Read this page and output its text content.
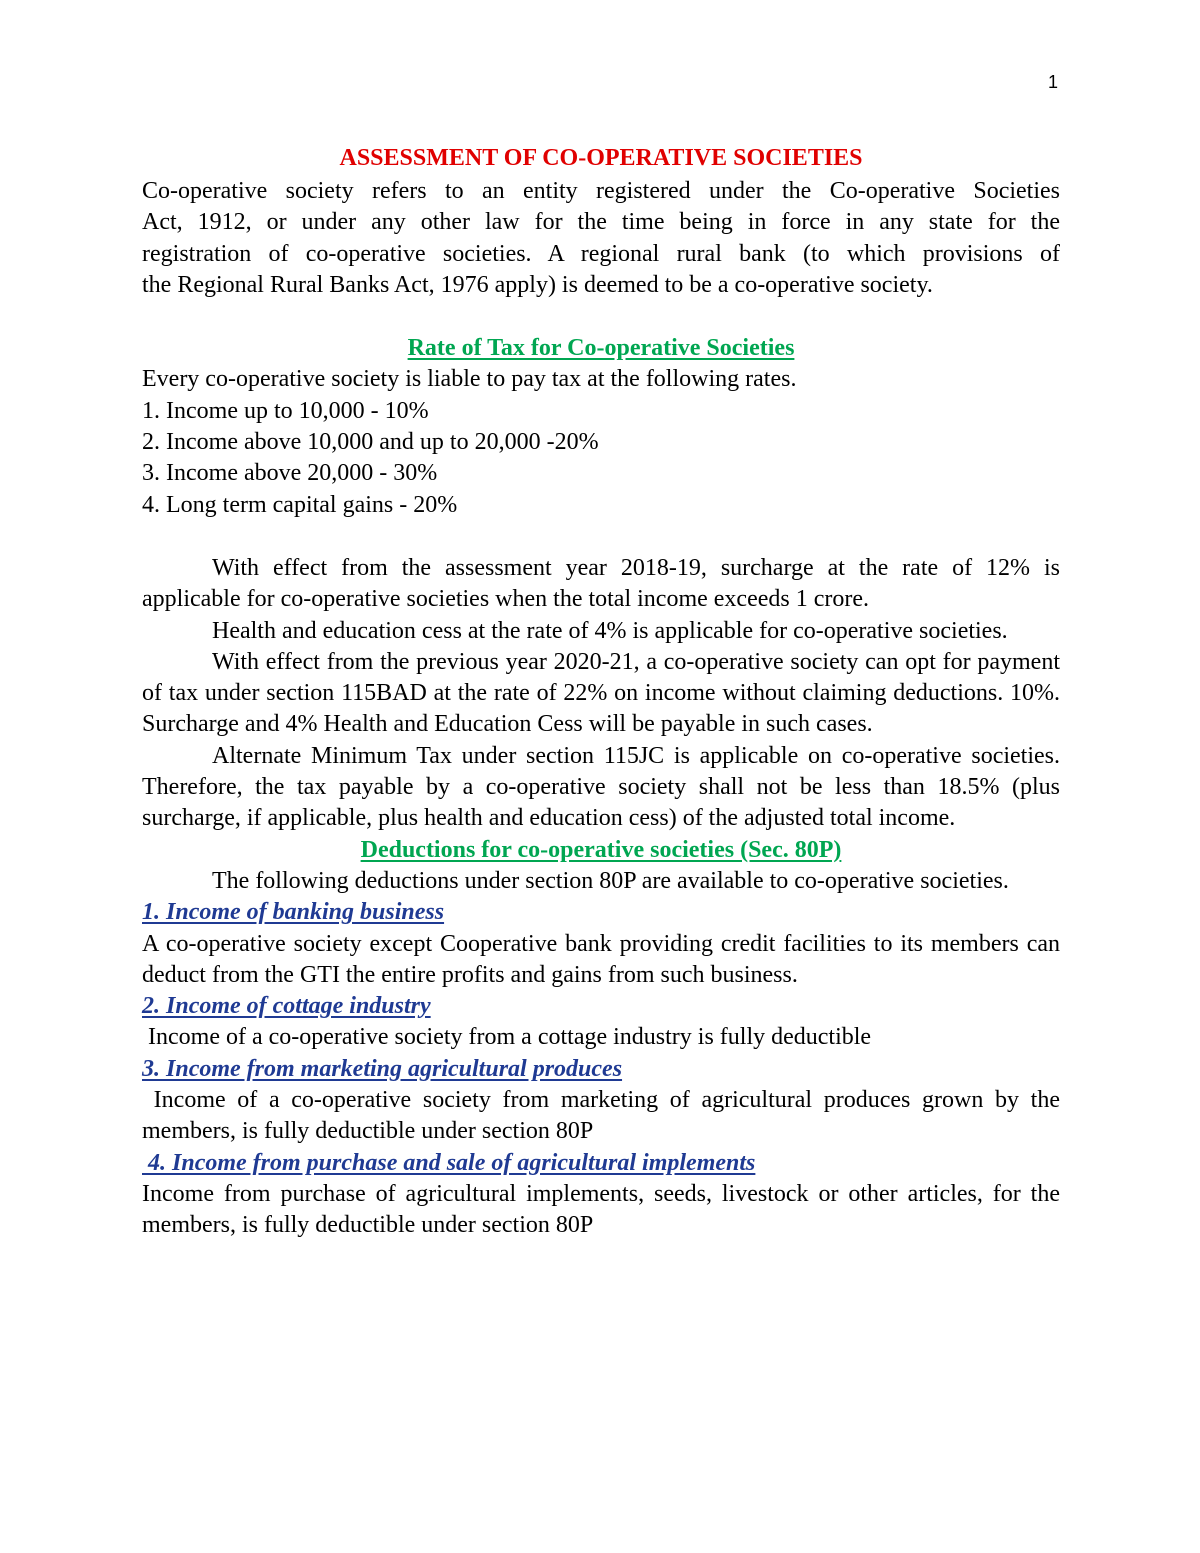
1
ASSESSMENT OF CO-OPERATIVE SOCIETIES
Co-operative society refers to an entity registered under the Co-operative Societies
Act, 1912, or under any other law for the time being in force in any state for the
registration of co-operative societies. A regional rural bank (to which provisions of
the Regional Rural Banks Act, 1976 apply) is deemed to be a co-operative society.
Rate of Tax for Co-operative Societies
Every co-operative society is liable to pay tax at the following rates.
1. Income up to 10,000 - 10%
2. Income above 10,000 and up to 20,000 -20%
3. Income above 20,000 - 30%
4. Long term capital gains - 20%

With effect from the assessment year 2018-19, surcharge at the rate of 12% is applicable for co-operative societies when the total income exceeds 1 crore.

Health and education cess at the rate of 4% is applicable for co-operative societies.

With effect from the previous year 2020-21, a co-operative society can opt for payment of tax under section 115BAD at the rate of 22% on income without claiming deductions. 10%. Surcharge and 4% Health and Education Cess will be payable in such cases.

Alternate Minimum Tax under section 115JC is applicable on co-operative societies. Therefore, the tax payable by a co-operative society shall not be less than 18.5% (plus surcharge, if applicable, plus health and education cess) of the adjusted total income.

Deductions for co-operative societies (Sec. 80P)

The following deductions under section 80P are available to co-operative societies.

1. Income of banking business

A co-operative society except Cooperative bank providing credit facilities to its members can deduct from the GTI the entire profits and gains from such business.

2. Income of cottage industry

Income of a co-operative society from a cottage industry is fully deductible

3. Income from marketing agricultural produces

Income of a co-operative society from marketing of agricultural produces grown by the members, is fully deductible under section 80P

4. Income from purchase and sale of agricultural implements

Income from purchase of agricultural implements, seeds, livestock or other articles, for the members, is fully deductible under section 80P
